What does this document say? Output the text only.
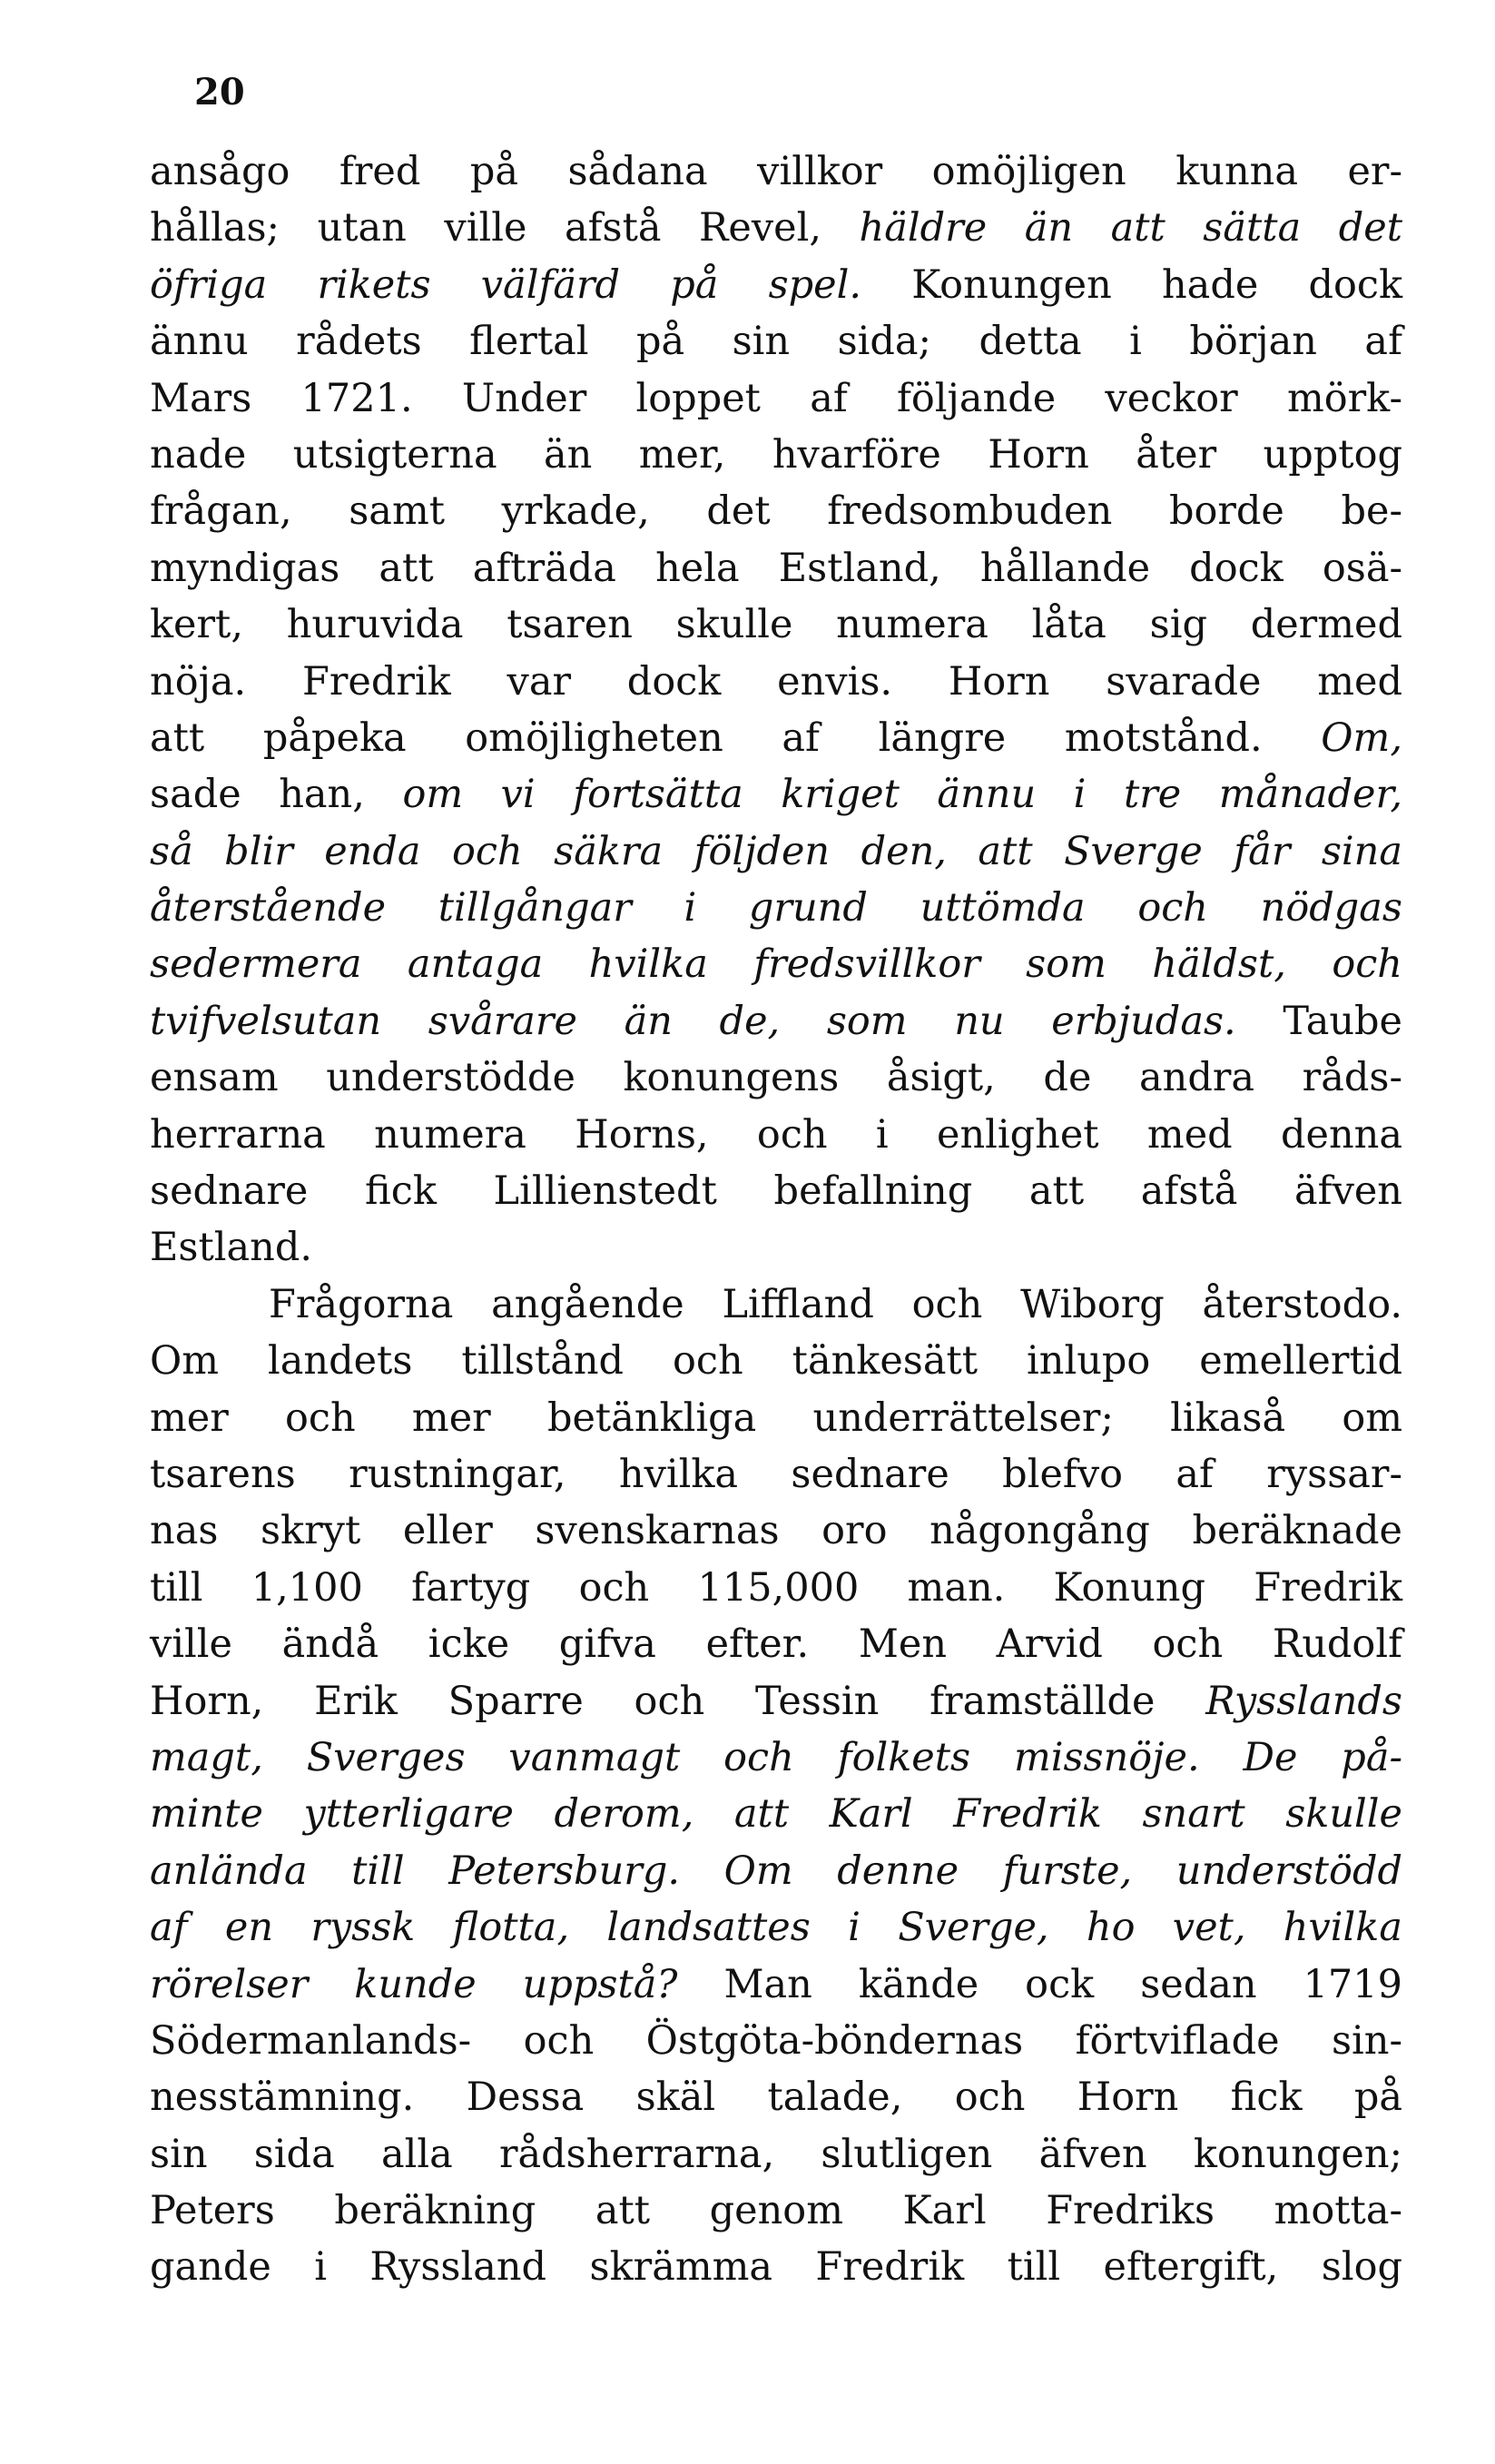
20
ansågo fred på sådana villkor omöjligen kunna er-
hållas; utan ville afstå Revel, häldre än att sätta det
öfriga rikets välfärd på spel. Konungen hade dock
ännu rådets flertal på sin sida; detta i början af
Mars 1721. Under loppet af följande veckor mörk-
nade utsigterna än mer, hvarföre Horn åter upptog
frågan, samt yrkade, det fredsombuden borde be-
myndigas att afträda hela Estland, hållande dock osä-
kert, huruvida tsaren skulle numera låta sig dermed
nöja. Fredrik var dock envis. Horn svarade med
att påpeka omöjligheten af längre motstånd. Om,
sade han, om vi fortsätta kriget ännu i tre månader,
så blir enda och säkra följden den, att Sverge får sina
återstående tillgångar i grund uttömda och nödgas
sedermera antaga hvilka fredsvillkor som häldst, och
tvifvelsutan svårare än de, som nu erbjudas. Taube
ensam understödde konungens åsigt, de andra råds-
herrarna numera Horns, och i enlighet med denna
sednare fick Lillienstedt befallning att afstå äfven
Estland.
Frågorna angående Liffland och Wiborg återstodo.
Om landets tillstånd och tänkesätt inlupo emellertid
mer och mer betänkliga underrättelser; likaså om
tsarens rustningar, hvilka sednare blefvo af ryssar-
nas skryt eller svenskarnas oro någongång beräknade
till 1,100 fartyg och 115,000 man. Konung Fredrik
ville ändå icke gifva efter. Men Arvid och Rudolf
Horn, Erik Sparre och Tessin framställde Rysslands
magt, Sverges vanmagt och folkets missnöje. De på-
minte ytterligare derom, att Karl Fredrik snart skulle
anlända till Petersburg. Om denne furste, understödd
af en ryssk flotta, landsattes i Sverge, ho vet, hvilka
rörelser kunde uppstå? Man kände ock sedan 1719
Södermanlands- och Östgöta-böndernas förtviflade sin-
nesstämning. Dessa skäl talade, och Horn fick på
sin sida alla rådsherrarna, slutligen äfven konungen;
Peters beräkning att genom Karl Fredriks motta-
gande i Ryssland skrämma Fredrik till eftergift, slog
